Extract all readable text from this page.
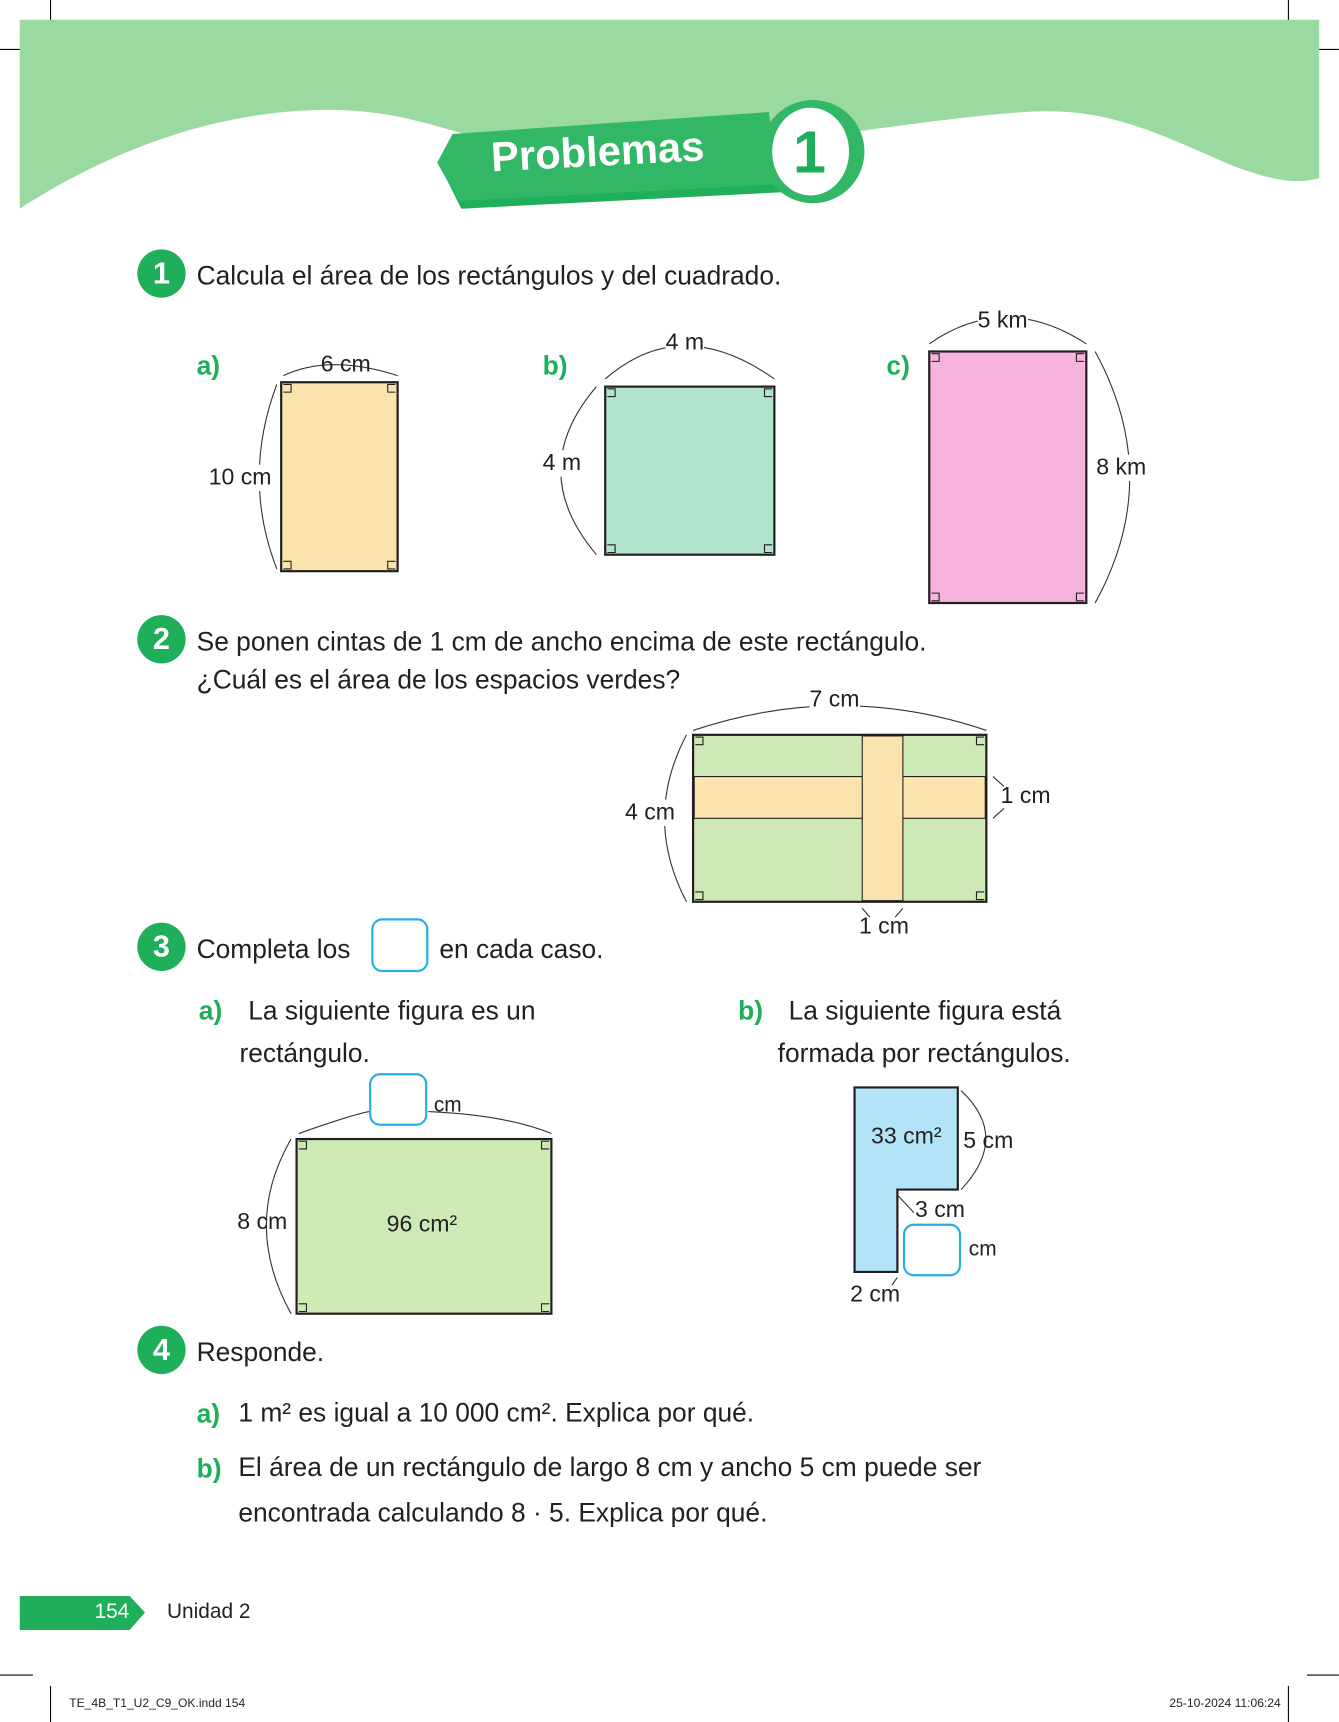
Problemas 1
1	Calcula el área de los rectángulos y del cuadrado.
a)	6 cm
10 cm
b)
4 m
4 m
c)
5 km
8 km
2	Se ponen cintas de 1 cm de ancho encima de este rectángulo.
¿Cuál es el área de los espacios verdes?
7 cm
4 cm
1 cm
1 cm
3	Completa los	en cada caso.
a) La siguiente figura es un
rectángulo.
cm
8 cm	96 cm²
b) La siguiente figura está
formada por rectángulos.
33 cm² 5 cm
3 cm
cm
2 cm
4	Responde.
a) 1 m² es igual a 10 000 cm². Explica por qué.
b) El área de un rectángulo de largo 8 cm y ancho 5 cm puede ser
encontrada calculando 8 · 5. Explica por qué.
154 Unidad 2
TE_4B_T1_U2_C9_OK.indd 154	25-10-2024 11:06:24
